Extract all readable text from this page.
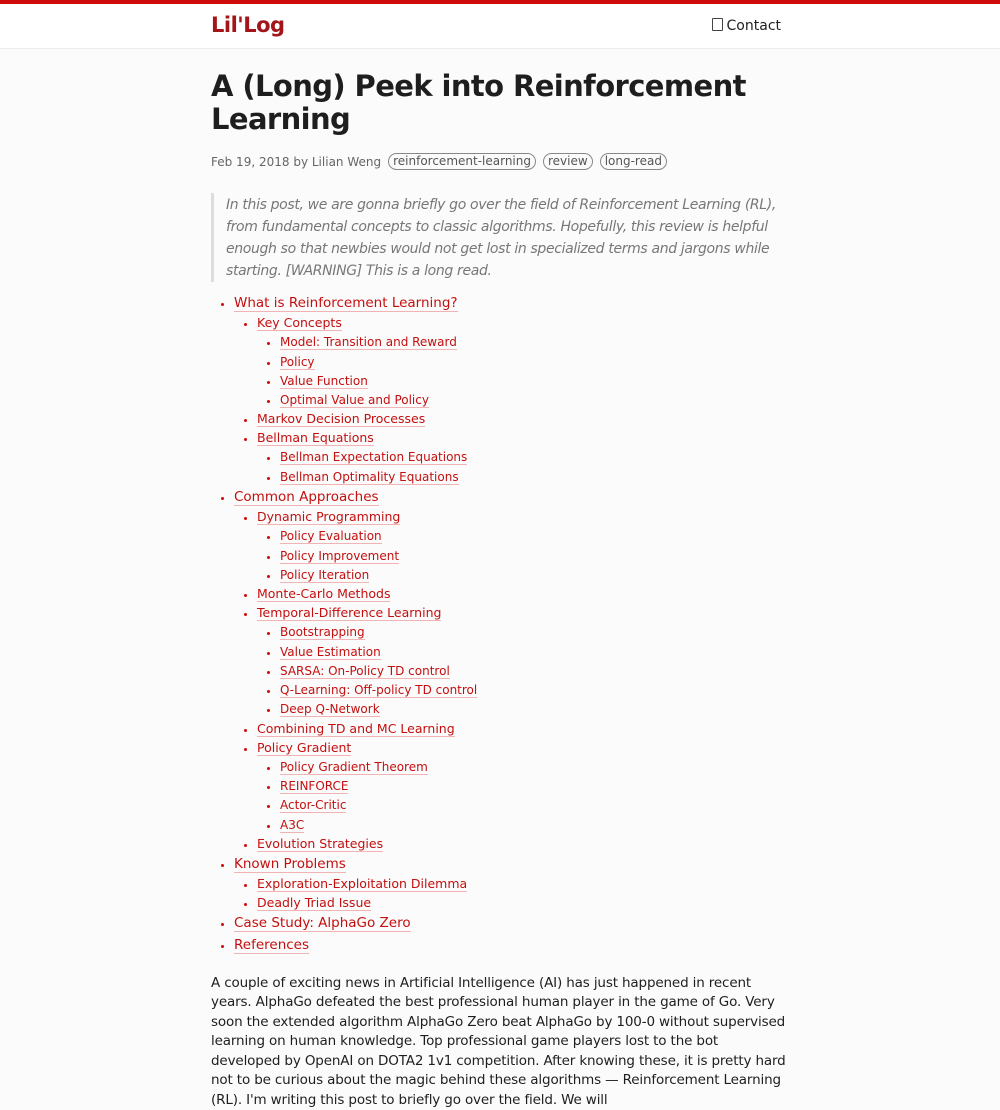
Lil'Log	Contact
A (Long) Peek into Reinforcement Learning
Feb 19, 2018
by
Lilian Weng	reinforcement-learning	review	long-read
In this post, we are gonna briefly go over the field of Reinforcement Learning (RL), from fundamental concepts to classic algorithms. Hopefully, this review is helpful enough so that newbies would not get lost in specialized terms and jargons while starting. [WARNING] This is a long read.
• What is Reinforcement Learning?
• Key Concepts
• Model: Transition and Reward
• Policy
• Value Function
• Optimal Value and Policy
• Markov Decision Processes
• Bellman Equations
• Bellman Expectation Equations
• Bellman Optimality Equations
• Common Approaches
• Dynamic Programming
• Policy Evaluation
• Policy Improvement
• Policy Iteration
• Monte-Carlo Methods
• Temporal-Difference Learning
• Bootstrapping
• Value Estimation
• SARSA: On-Policy TD control
• Q-Learning: Off-policy TD control
• Deep Q-Network
• Combining TD and MC Learning
• Policy Gradient
• Policy Gradient Theorem
• REINFORCE
• Actor-Critic
• A3C
• Evolution Strategies
• Known Problems
• Exploration-Exploitation Dilemma
• Deadly Triad Issue
• Case Study: AlphaGo Zero
• References

A couple of exciting news in Artificial Intelligence (AI) has just happened in recent years. AlphaGo defeated the best professional human player in the game of Go. Very soon the extended algorithm AlphaGo Zero beat AlphaGo by 100-0 without supervised learning on human knowledge. Top professional game players lost to the bot developed by OpenAI on DOTA2 1v1 competition. After knowing these, it is pretty hard not to be curious about the magic behind these algorithms — Reinforcement Learning (RL). I'm writing this post to briefly go over the field. We will
